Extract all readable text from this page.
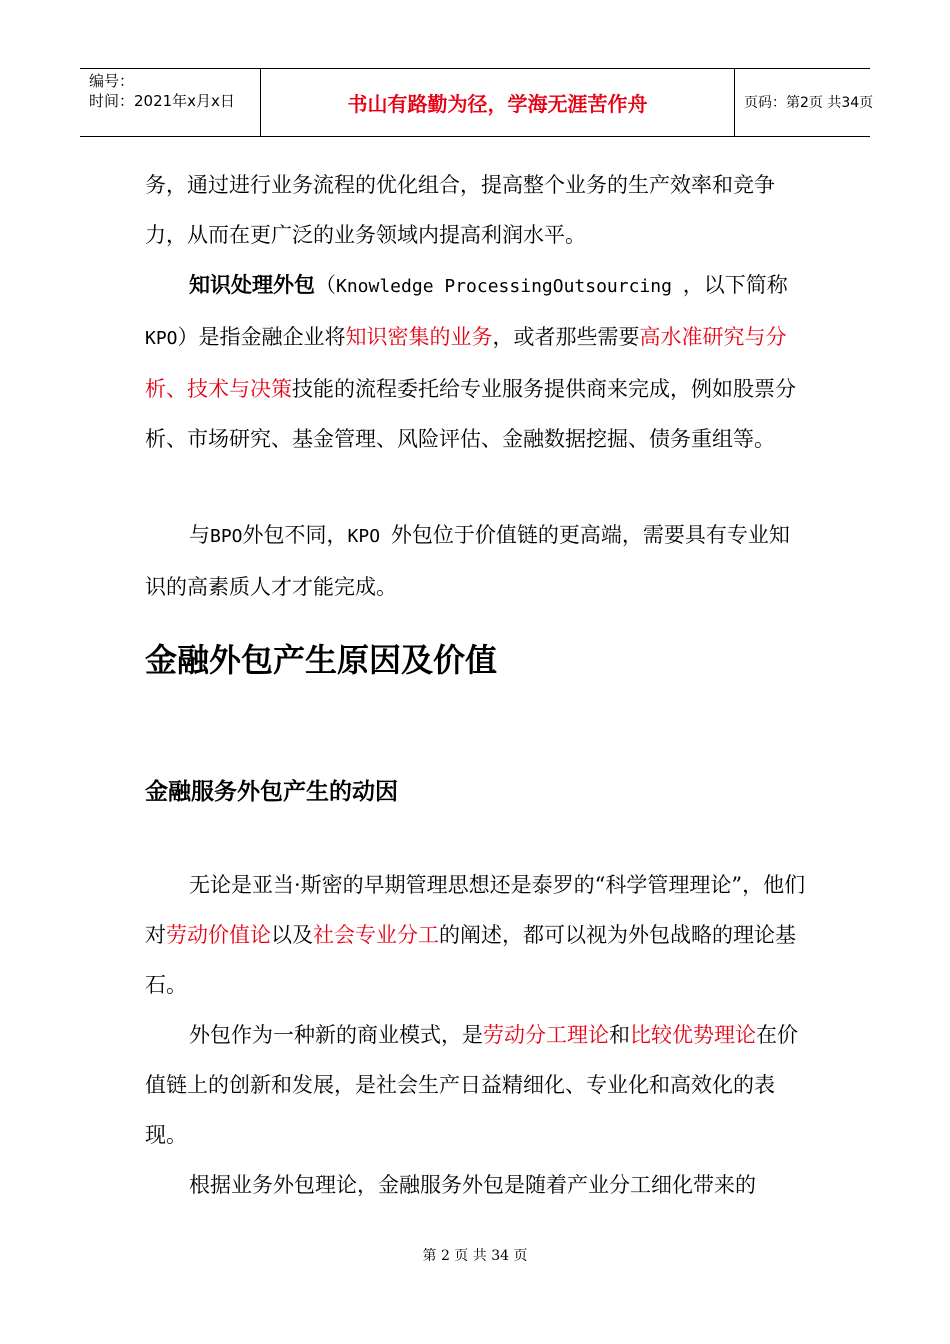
编号：
时间：2021年x月x日	书山有路勤为径，学海无涯苦作舟	页码：第2页 共34页

务，通过进行业务流程的优化组合，提高整个业务的生产效率和竞争力，从而在更广泛的业务领域内提高利润水平。

知识处理外包（Knowledge ProcessingOutsourcing ，以下简称KPO）是指金融企业将知识密集的业务，或者那些需要高水准研究与分析、技术与决策技能的流程委托给专业服务提供商来完成，例如股票分析、市场研究、基金管理、风险评估、金融数据挖掘、债务重组等。

与BPO外包不同，KPO 外包位于价值链的更高端，需要具有专业知识的高素质人才才能完成。

金融外包产生原因及价值
金融服务外包产生的动因

无论是亚当·斯密的早期管理思想还是泰罗的“科学管理理论”，他们对劳动价值论以及社会专业分工的阐述，都可以视为外包战略的理论基石。

外包作为一种新的商业模式，是劳动分工理论和比较优势理论在价值链上的创新和发展，是社会生产日益精细化、专业化和高效化的表现。

根据业务外包理论，金融服务外包是随着产业分工细化带来的

第 2 页 共 34 页
